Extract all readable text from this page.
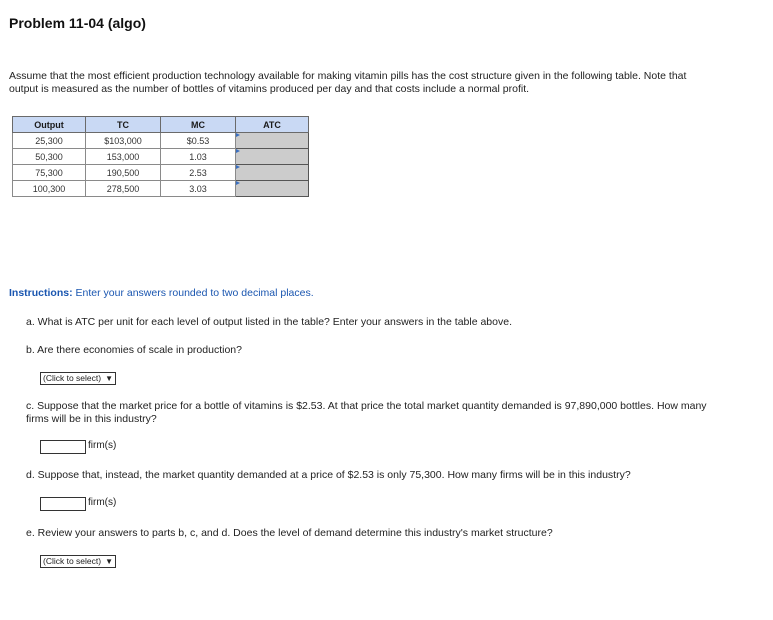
Problem 11-04 (algo)
Assume that the most efficient production technology available for making vitamin pills has the cost structure given in the following table. Note that output is measured as the number of bottles of vitamins produced per day and that costs include a normal profit.
Output	TC	MC	ATC
25,300	$103,000	$0.53	
50,300	153,000	1.03	
75,300	190,500	2.53	
100,300	278,500	3.03	
Instructions: Enter your answers rounded to two decimal places.
a. What is ATC per unit for each level of output listed in the table? Enter your answers in the table above.
b. Are there economies of scale in production?
(Click to select) ▼
c. Suppose that the market price for a bottle of vitamins is $2.53. At that price the total market quantity demanded is 97,890,000 bottles. How many firms will be in this industry?
firm(s)
d. Suppose that, instead, the market quantity demanded at a price of $2.53 is only 75,300. How many firms will be in this industry?
firm(s)
e. Review your answers to parts b, c, and d. Does the level of demand determine this industry's market structure?
(Click to select) ▼
